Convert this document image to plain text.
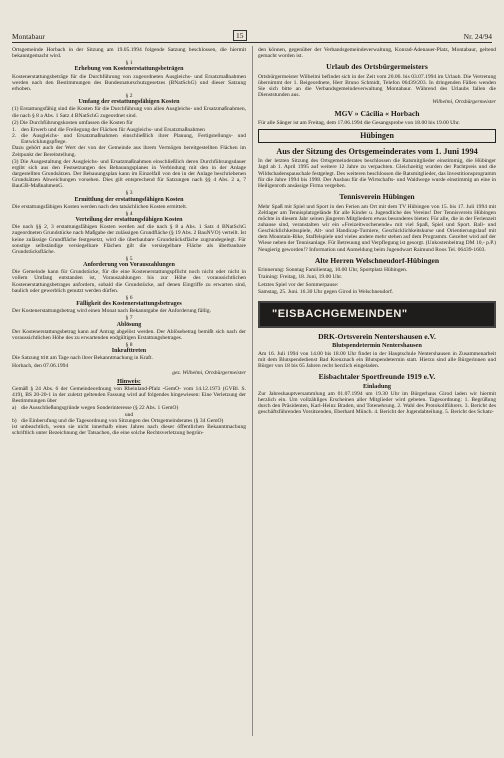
Montabaur	15	Nr. 24/94

Ortsgemeinde Horbach in der Sitzung am 19.05.1994 folgende Satzung beschlossen, die hiermit bekanntgemacht wird.

§ 1
Erhebung von Kostenerstattungsbeträgen

Kostenerstattungsbeträge für die Durchführung von zugeordneten Ausgleichs- und Ersatzmaßnahmen werden nach den Bestimmungen des Bundesnaturschutzgesetzes (BNatSchG) und dieser Satzung erhoben.

§ 2
Umfang der erstattungsfähigen Kosten

(1) Erstattungsfähig sind die Kosten für die Durchführung von allen Ausgleichs- und Ersatzmaßnahmen, die nach § 8 a Abs. 1 Satz 4 BNatSchG zugeordnet sind.

(2) Die Durchführungskosten umfassen die Kosten für

1. den Erwerb und die Freilegung der Flächen für Ausgleichs- und Ersatzmaßnahmen
2. die Ausgleichs- und Ersatzmaßnahmen einschließlich ihrer Planung, Fertigstellungs- und Entwicklungspflege.

Dazu gehört auch der Wert der von der Gemeinde aus ihrem Vermögen bereitgestellten Flächen im Zeitpunkt der Bereitstellung.

(3) Die Ausgestaltung der Ausgleichs- und Ersatzmaßnahmen einschließlich deren Durchführungsdauer ergibt sich aus den Festsetzungen des Bebauungsplanes in Verbindung mit den in der Anlage dargestellten Grundsätzen. Der Bebauungsplan kann im Einzelfall von den in der Anlage beschriebenen Grundsätzen Abweichungen vorsehen. Dies gilt entsprechend für Satzungen nach §§ 4 Abs. 2 a, 7 BauGB-MaßnahmenG.

§ 3
Ermittlung der erstattungsfähigen Kosten

Die erstattungsfähigen Kosten werden nach den tatsächlichen Kosten ermittelt.

§ 4
Verteilung der erstattungsfähigen Kosten

Die nach §§ 2, 3 erstattungsfähigen Kosten werden auf die nach § 8 a Abs. 1 Satz 4 BNatSchG zugeordneten Grundstücke nach Maßgabe der zulässigen Grundfläche (§ 19 Abs. 2 BauNVO) verteilt. Ist keine zulässige Grundfläche festgesetzt, wird die überbaubare Grundstücksfläche zugrundegelegt. Für sonstige selbständige versiegelbare Flächen gilt die versiegelbare Fläche als überbaubare Grundstücksfläche.

§ 5
Anforderung von Vorauszahlungen

Die Gemeinde kann für Grundstücke, für die eine Kostenerstattungspflicht noch nicht oder nicht in vollem Umfang entstanden ist, Vorauszahlungen bis zur Höhe des voraussichtlichen Kostenerstattungsbetrages anfordern, sobald die Grundstücke, auf denen Eingriffe zu erwarten sind, baulich oder gewerblich genutzt werden dürfen.

§ 6
Fälligkeit des Kostenerstattungsbetrages

Der Kostenerstattungsbetrag wird einen Monat nach Bekanntgabe der Anforderung fällig.

§ 7
Ablösung

Der Kostenerstattungsbetrag kann auf Antrag abgelöst werden. Der Ablösebetrag bemißt sich nach der voraussichtlichen Höhe des zu erwartenden endgültigen Erstattungsbetrages.

§ 8
Inkrafttreten

Die Satzung tritt am Tage nach ihrer Bekanntmachung in Kraft.

Horbach, den 07.06.1994

gez. Wilhelmi, Ortsbürgermeister
Hinweis:

Gemäß § 24 Abs. 6 der Gemeindeordnung von Rheinland-Pfalz -GemO- vom 14.12.1973 (GVBl. S. 419), BS 20-20-1 in der zuletzt geltenden Fassung wird auf folgendes hingewiesen: Eine Verletzung der Bestimmungen über

a) die Ausschließungsgründe wegen Sonderinteresse (§ 22 Abs. 1 GemO)
und
b) die Einberufung und die Tagesordnung von Sitzungen des Ortsgemeinderates (§ 34 GemO)

ist unbeachtlich, wenn sie nicht innerhalb eines Jahres nach dieser öffentlichen Bekanntmachung schriftlich unter Bezeichnung der Tatsachen, die eine solche Rechtsverletzung begrün-

den können, gegenüber der Verbandsgemeindeverwaltung, Konrad-Adenauer-Platz, Montabaur, geltend gemacht worden ist.

Urlaub des Ortsbürgermeisters

Ortsbürgermeister Wilhelmi befindet sich in der Zeit vom 20.06. bis 03.07.1994 im Urlaub. Die Vertretung übernimmt der 1. Beigeordnete, Herr Bruno Schmidt, Telefon 06439/203. In dringenden Fällen wenden Sie sich bitte an die Verbandsgemeindeverwaltung Montabaur. Während des Urlaubs fallen die Dienststunden aus.

Wilhelmi, Ortsbürgermeister
MGV » Cäcilia « Horbach

Für alle Sänger ist am Freitag, dem 17.06.1994 die Gesangsprobe von 18.00 bis 19.00 Uhr.

Hübingen
Aus der Sitzung des Ortsgemeinderates vom 1. Juni 1994

In der letzten Sitzung des Ortsgemeinderates beschlossen die Ratsmitglieder einstimmig, die Hübinger Jagd ab 1. April 1995 auf weitere 12 Jahre zu verpachten. Gleichzeitig wurden der Pachtpreis und die Wildschadenspauschale festgelegt. Des weiteren beschlossen die Ratsmitglieder, das Investitionsprogramm für die Jahre 1994 bis 1998. Der Ausbau für die Wirtschafts- und Waldwege wurde einstimmig an eine in Heiligenroth ansässige Firma vergeben.

Tennisverein Hübingen

Mehr Spaß mit Spiel und Sport in den Ferien am Ort mit dem TV Hübingen von 15. bis 17. Juli 1994 mit Zeltlager am Tennisplatzgelände für alle Kinder u. Jugendliche des Vereins! Der Tennisverein Hübingen möchte in diesem Jahr seinen jüngeren Mitgliedern etwas besonderes bieten: Für alle, die in der Ferienzeit zuhause sind, veranstalten wir ein »Freizeitwochenende« mit viel Spaß, Spiel und Sport. Ball- und Geschicklichkeitsspiele, Alt- und Handicap-Turniere, Geschicklichkeitskurse und Orientierungslauf mit dem Mountain-Bike, Staffelspiele und vieles andere mehr stehen auf dem Programm. Gezeltet wird auf der Wiese neben der Tennisanlage. Für Betreuung und Verpflegung ist gesorgt. (Unkostenbeitrag DM 10,- p.P.) Neugierig geworden!? Information und Anmeldung beim Jugendwart Raimund Roos Tel. 06439-1603.

Alte Herren Welschneudorf-Hübingen

Erinnerung: Sonntag Familientag, 10.00 Uhr, Sportplatz Hübingen.

Training: Freitag, 18. Juni, 19.00 Uhr.

Letztes Spiel vor der Sommerpause:

Samstag, 25. Juni. 16.30 Uhr gegen Girod in Welschneudorf.

"EISBACHGEMEINDEN"
DRK-Ortsverein Nentershausen e.V.
Blutspendetermin Nentershausen

Am 16. Juli 1994 von 14.00 bis 18.00 Uhr findet in der Hauptschule Nentershausen in Zusammenarbeit mit dem Blutspendedienst Bad Kreuznach ein Blutspendetermin statt. Hierzu sind alle Bürgerinnen und Bürger von 18 bis 65 Jahren recht herzlich eingeladen.

Eisbachtaler Sportfreunde 1919 e.V.
Einladung

Zur Jahreshauptversammlung am 01.07.1994 um 19.30 Uhr im Bürgerhaus Girod laden wir hiermit herzlich ein. Um vollzähliges Erscheinen aller Mitglieder wird gebeten. Tagesordnung: 1. Begrüßung durch den Präsidenten, Karl-Heinz Braden, und Totenehrung. 2. Wahl des Protokollführers. 3. Bericht des geschäftsführenden Vorsitzenden, Eberhard Münch. 4. Bericht der Jugendabteilung. 5. Bericht des Schatz-
